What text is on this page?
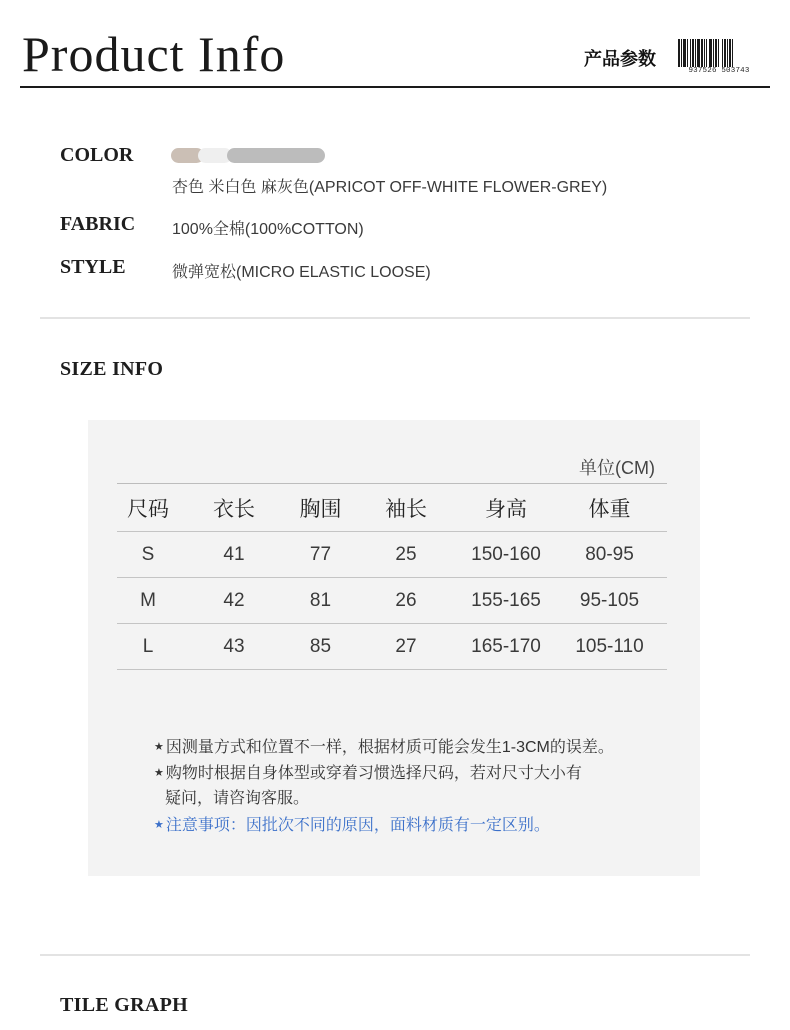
Product Info	产品参数
937526 503743
COLOR
杏色 米白色 麻灰色(APRICOT OFF-WHITE FLOWER-GREY)
FABRIC 100%全棉(100%COTTON)
STYLE	微弹宽松(MICRO ELASTIC LOOSE)
SIZE INFO
单位(CM)
尺码	衣长	胸围	袖长	身高	体重
S	41	77	25	150-160	80-95
M	42	81	26	155-165	95-105
L	43	85	27	165-170	105-110
★ 因测量方式和位置不一样，根据材质可能会发生1-3CM的误差。
★ 购物时根据自身体型或穿着习惯选择尺码，若对尺寸大小有
疑问，请咨询客服。
★ 注意事项：因批次不同的原因，面料材质有一定区别。
TILE GRAPH
